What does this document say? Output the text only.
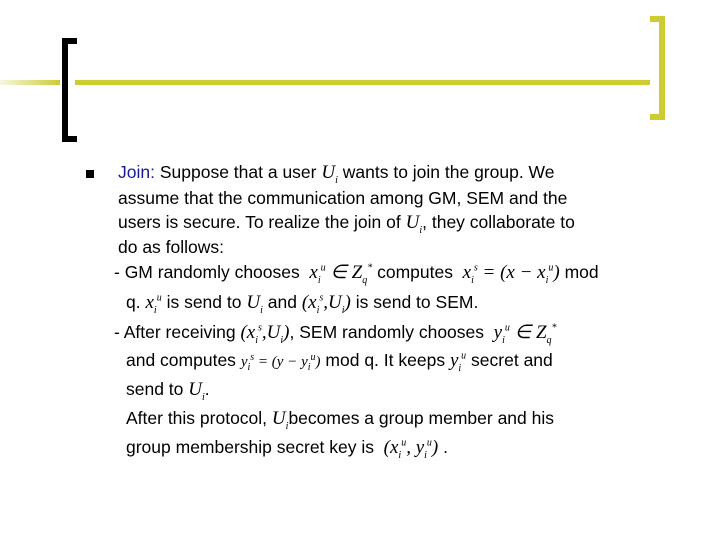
Join: Suppose that a user $U_i$ wants to join the group. We
assume that the communication among GM, SEM and the
users is secure. To realize the join of $U_i$, they collaborate to
do as follows:
- GM randomly chooses  $x_i^u$ ∈ $Z_q^*$ computes  $x_i^s = (x - x_i^u)$ mod
q. $x_i^u$ is send to $U_i$ and $(x_i^s,U_i)$ is send to SEM.
- After receiving $(x_i^s,U_i)$, SEM randomly chooses  $y_i^u$ ∈ $Z_q^*$
and computes $y_i^s = (y - y_i^u)$ mod q. It keeps $y_i^u$ secret and
send to $U_i$.
After this protocol, $U_ibecomes$ a group member and his
group membership secret key is ($x_i^u$, $y_i^u$) .
